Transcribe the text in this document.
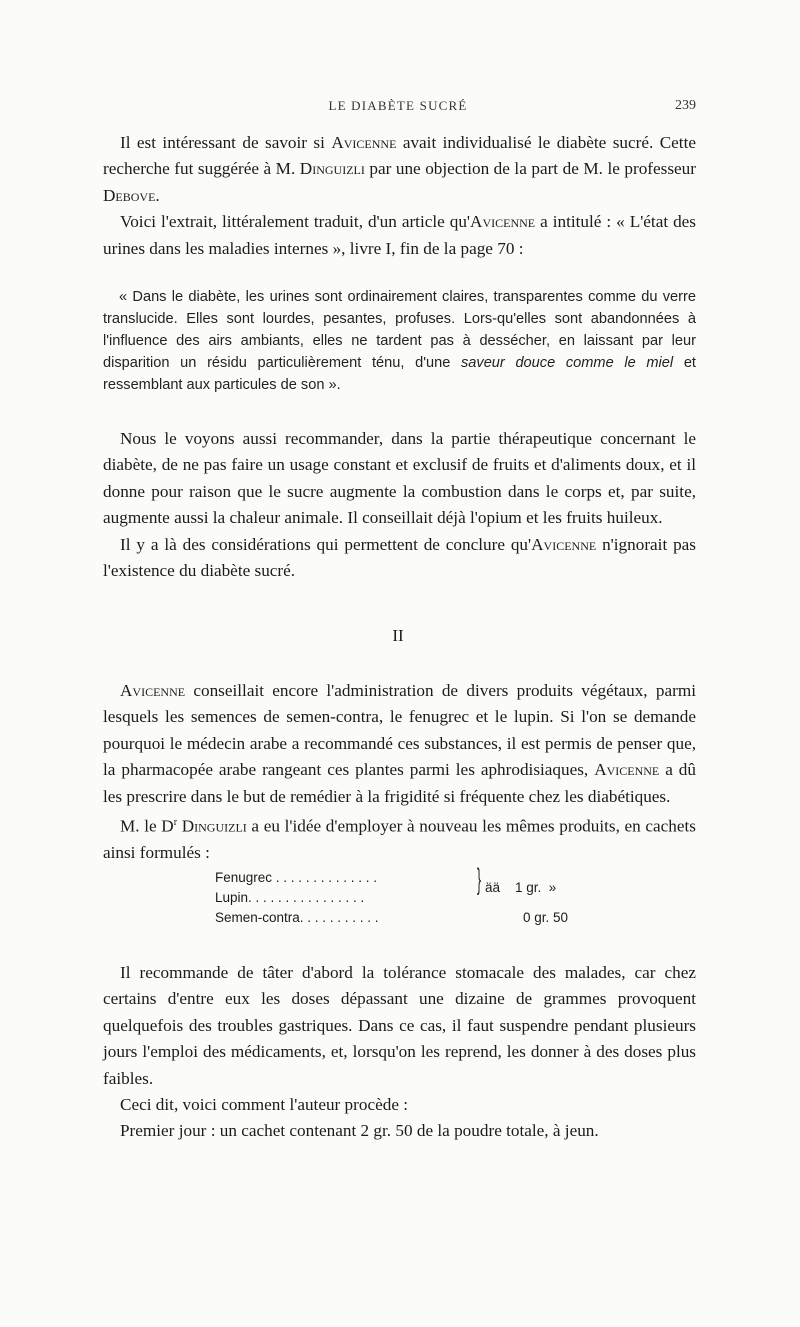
LE DIABÈTE SUCRÉ	239

Il est intéressant de savoir si Avicenne avait individualisé le diabète sucré. Cette recherche fut suggérée à M. Dinguizli par une objection de la part de M. le professeur Debove.

Voici l'extrait, littéralement traduit, d'un article qu'Avicenne a intitulé : « L'état des urines dans les maladies internes », livre I, fin de la page 70 :

« Dans le diabète, les urines sont ordinairement claires, transparentes comme du verre translucide. Elles sont lourdes, pesantes, profuses. Lors-qu'elles sont abandonnées à l'influence des airs ambiants, elles ne tardent pas à dessécher, en laissant par leur disparition un résidu particulièrement ténu, d'une saveur douce comme le miel et ressemblant aux particules de son ».

Nous le voyons aussi recommander, dans la partie thérapeutique concernant le diabète, de ne pas faire un usage constant et exclusif de fruits et d'aliments doux, et il donne pour raison que le sucre augmente la combustion dans le corps et, par suite, augmente aussi la chaleur animale. Il conseillait déjà l'opium et les fruits huileux.

Il y a là des considérations qui permettent de conclure qu'Avicenne n'ignorait pas l'existence du diabète sucré.

II

Avicenne conseillait encore l'administration de divers produits végétaux, parmi lesquels les semences de semen-contra, le fenugrec et le lupin. Si l'on se demande pourquoi le médecin arabe a recommandé ces substances, il est permis de penser que, la pharmacopée arabe rangeant ces plantes parmi les aphrodisiaques, Avicenne a dû les prescrire dans le but de remédier à la frigidité si fréquente chez les diabétiques.

M. le $D^r$ Dinguizli a eu l'idée d'employer à nouveau les mêmes produits, en cachets ainsi formulés :

Fenugrec . . . . . . . . . . . . . .
Lupin. . . . . . . . . . . . . . . .
Semen-contra. . . . . . . . . . .	0 gr. 50
} ää 1 gr.  »

Il recommande de tâter d'abord la tolérance stomacale des malades, car chez certains d'entre eux les doses dépassant une dizaine de grammes provoquent quelquefois des troubles gastriques. Dans ce cas, il faut suspendre pendant plusieurs jours l'emploi des médicaments, et, lorsqu'on les reprend, les donner à des doses plus faibles.

Ceci dit, voici comment l'auteur procède :

Premier jour : un cachet contenant 2 gr. 50 de la poudre totale, à jeun.
